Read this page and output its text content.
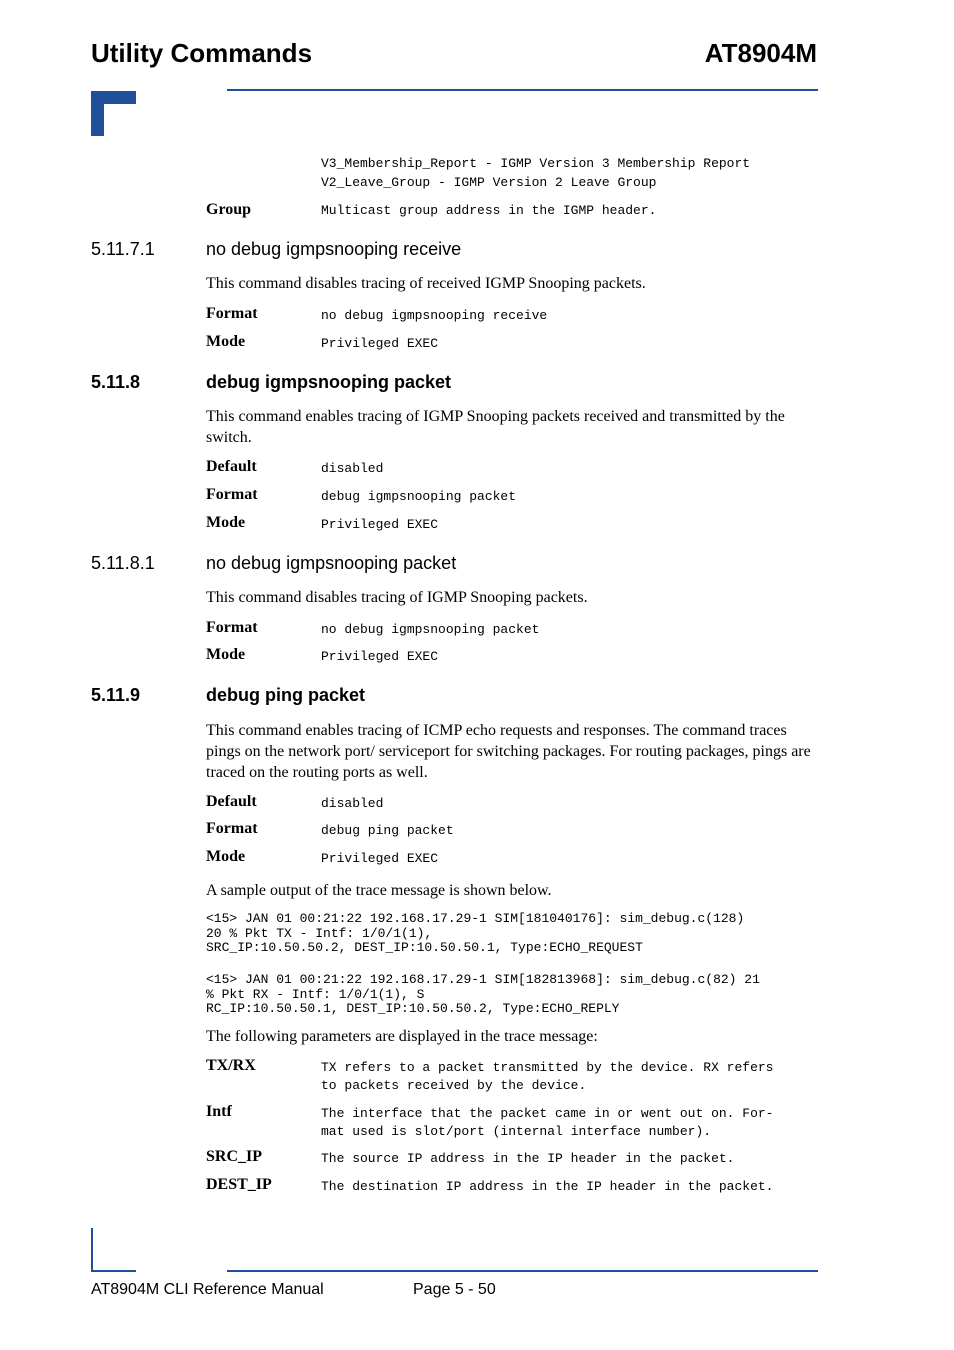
Utility Commands	AT8904M
V3_Membership_Report - IGMP Version 3 Membership Report
V2_Leave_Group - IGMP Version 2 Leave Group
Group	Multicast group address in the IGMP header.
5.11.7.1	no debug igmpsnooping receive
This command disables tracing of received IGMP Snooping packets.
Format	no debug igmpsnooping receive
Mode	Privileged EXEC
5.11.8	debug igmpsnooping packet
This command enables tracing of IGMP Snooping packets received and transmitted by the switch.
Default	disabled
Format	debug igmpsnooping packet
Mode	Privileged EXEC
5.11.8.1	no debug igmpsnooping packet
This command disables tracing of IGMP Snooping packets.
Format	no debug igmpsnooping packet
Mode	Privileged EXEC
5.11.9	debug ping packet
This command enables tracing of ICMP echo requests and responses. The command traces pings on the network port/ serviceport for switching packages. For routing packages, pings are traced on the routing ports as well.
Default	disabled
Format	debug ping packet
Mode	Privileged EXEC
A sample output of the trace message is shown below.
<15> JAN 01 00:21:22 192.168.17.29-1 SIM[181040176]: sim_debug.c(128)
20 % Pkt TX - Intf: 1/0/1(1),
SRC_IP:10.50.50.2, DEST_IP:10.50.50.1, Type:ECHO_REQUEST
<15> JAN 01 00:21:22 192.168.17.29-1 SIM[182813968]: sim_debug.c(82) 21
% Pkt RX - Intf: 1/0/1(1), S
RC_IP:10.50.50.1, DEST_IP:10.50.50.2, Type:ECHO_REPLY
The following parameters are displayed in the trace message:
TX/RX	TX refers to a packet transmitted by the device. RX refers
to packets received by the device.
Intf	The interface that the packet came in or went out on. For-
mat used is slot/port (internal interface number).
SRC_IP	The source IP address in the IP header in the packet.
DEST_IP	The destination IP address in the IP header in the packet.
AT8904M CLI Reference Manual	Page 5 - 50
